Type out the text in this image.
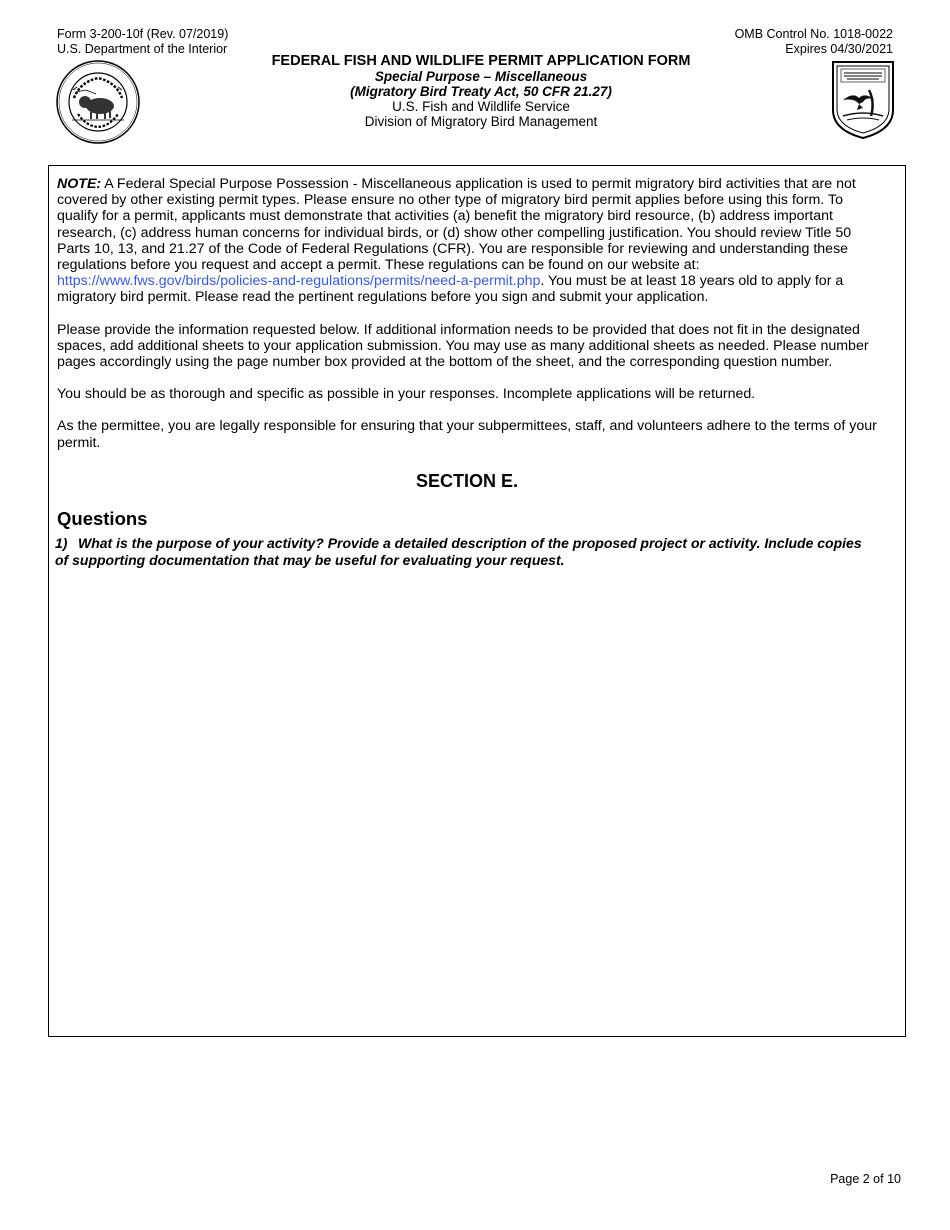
Form 3-200-10f (Rev. 07/2019)
U.S. Department of the Interior
OMB Control No. 1018-0022
Expires 04/30/2021
FEDERAL FISH AND WILDLIFE PERMIT APPLICATION FORM
Special Purpose – Miscellaneous
(Migratory Bird Treaty Act, 50 CFR 21.27)
U.S. Fish and Wildlife Service
Division of Migratory Bird Management

NOTE: A Federal Special Purpose Possession - Miscellaneous application is used to permit migratory bird activities that are not covered by other existing permit types. Please ensure no other type of migratory bird permit applies before using this form. To qualify for a permit, applicants must demonstrate that activities (a) benefit the migratory bird resource, (b) address important research, (c) address human concerns for individual birds, or (d) show other compelling justification. You should review Title 50 Parts 10, 13, and 21.27 of the Code of Federal Regulations (CFR). You are responsible for reviewing and understanding these regulations before you request and accept a permit. These regulations can be found on our website at: https://www.fws.gov/birds/policies-and-regulations/permits/need-a-permit.php. You must be at least 18 years old to apply for a migratory bird permit. Please read the pertinent regulations before you sign and submit your application.

Please provide the information requested below. If additional information needs to be provided that does not fit in the designated spaces, add additional sheets to your application submission. You may use as many additional sheets as needed. Please number pages accordingly using the page number box provided at the bottom of the sheet, and the corresponding question number.

You should be as thorough and specific as possible in your responses. Incomplete applications will be returned.

As the permittee, you are legally responsible for ensuring that your subpermittees, staff, and volunteers adhere to the terms of your permit.

SECTION E.
Questions
1) What is the purpose of your activity? Provide a detailed description of the proposed project or activity. Include copies of supporting documentation that may be useful for evaluating your request.
Page 2 of 10
